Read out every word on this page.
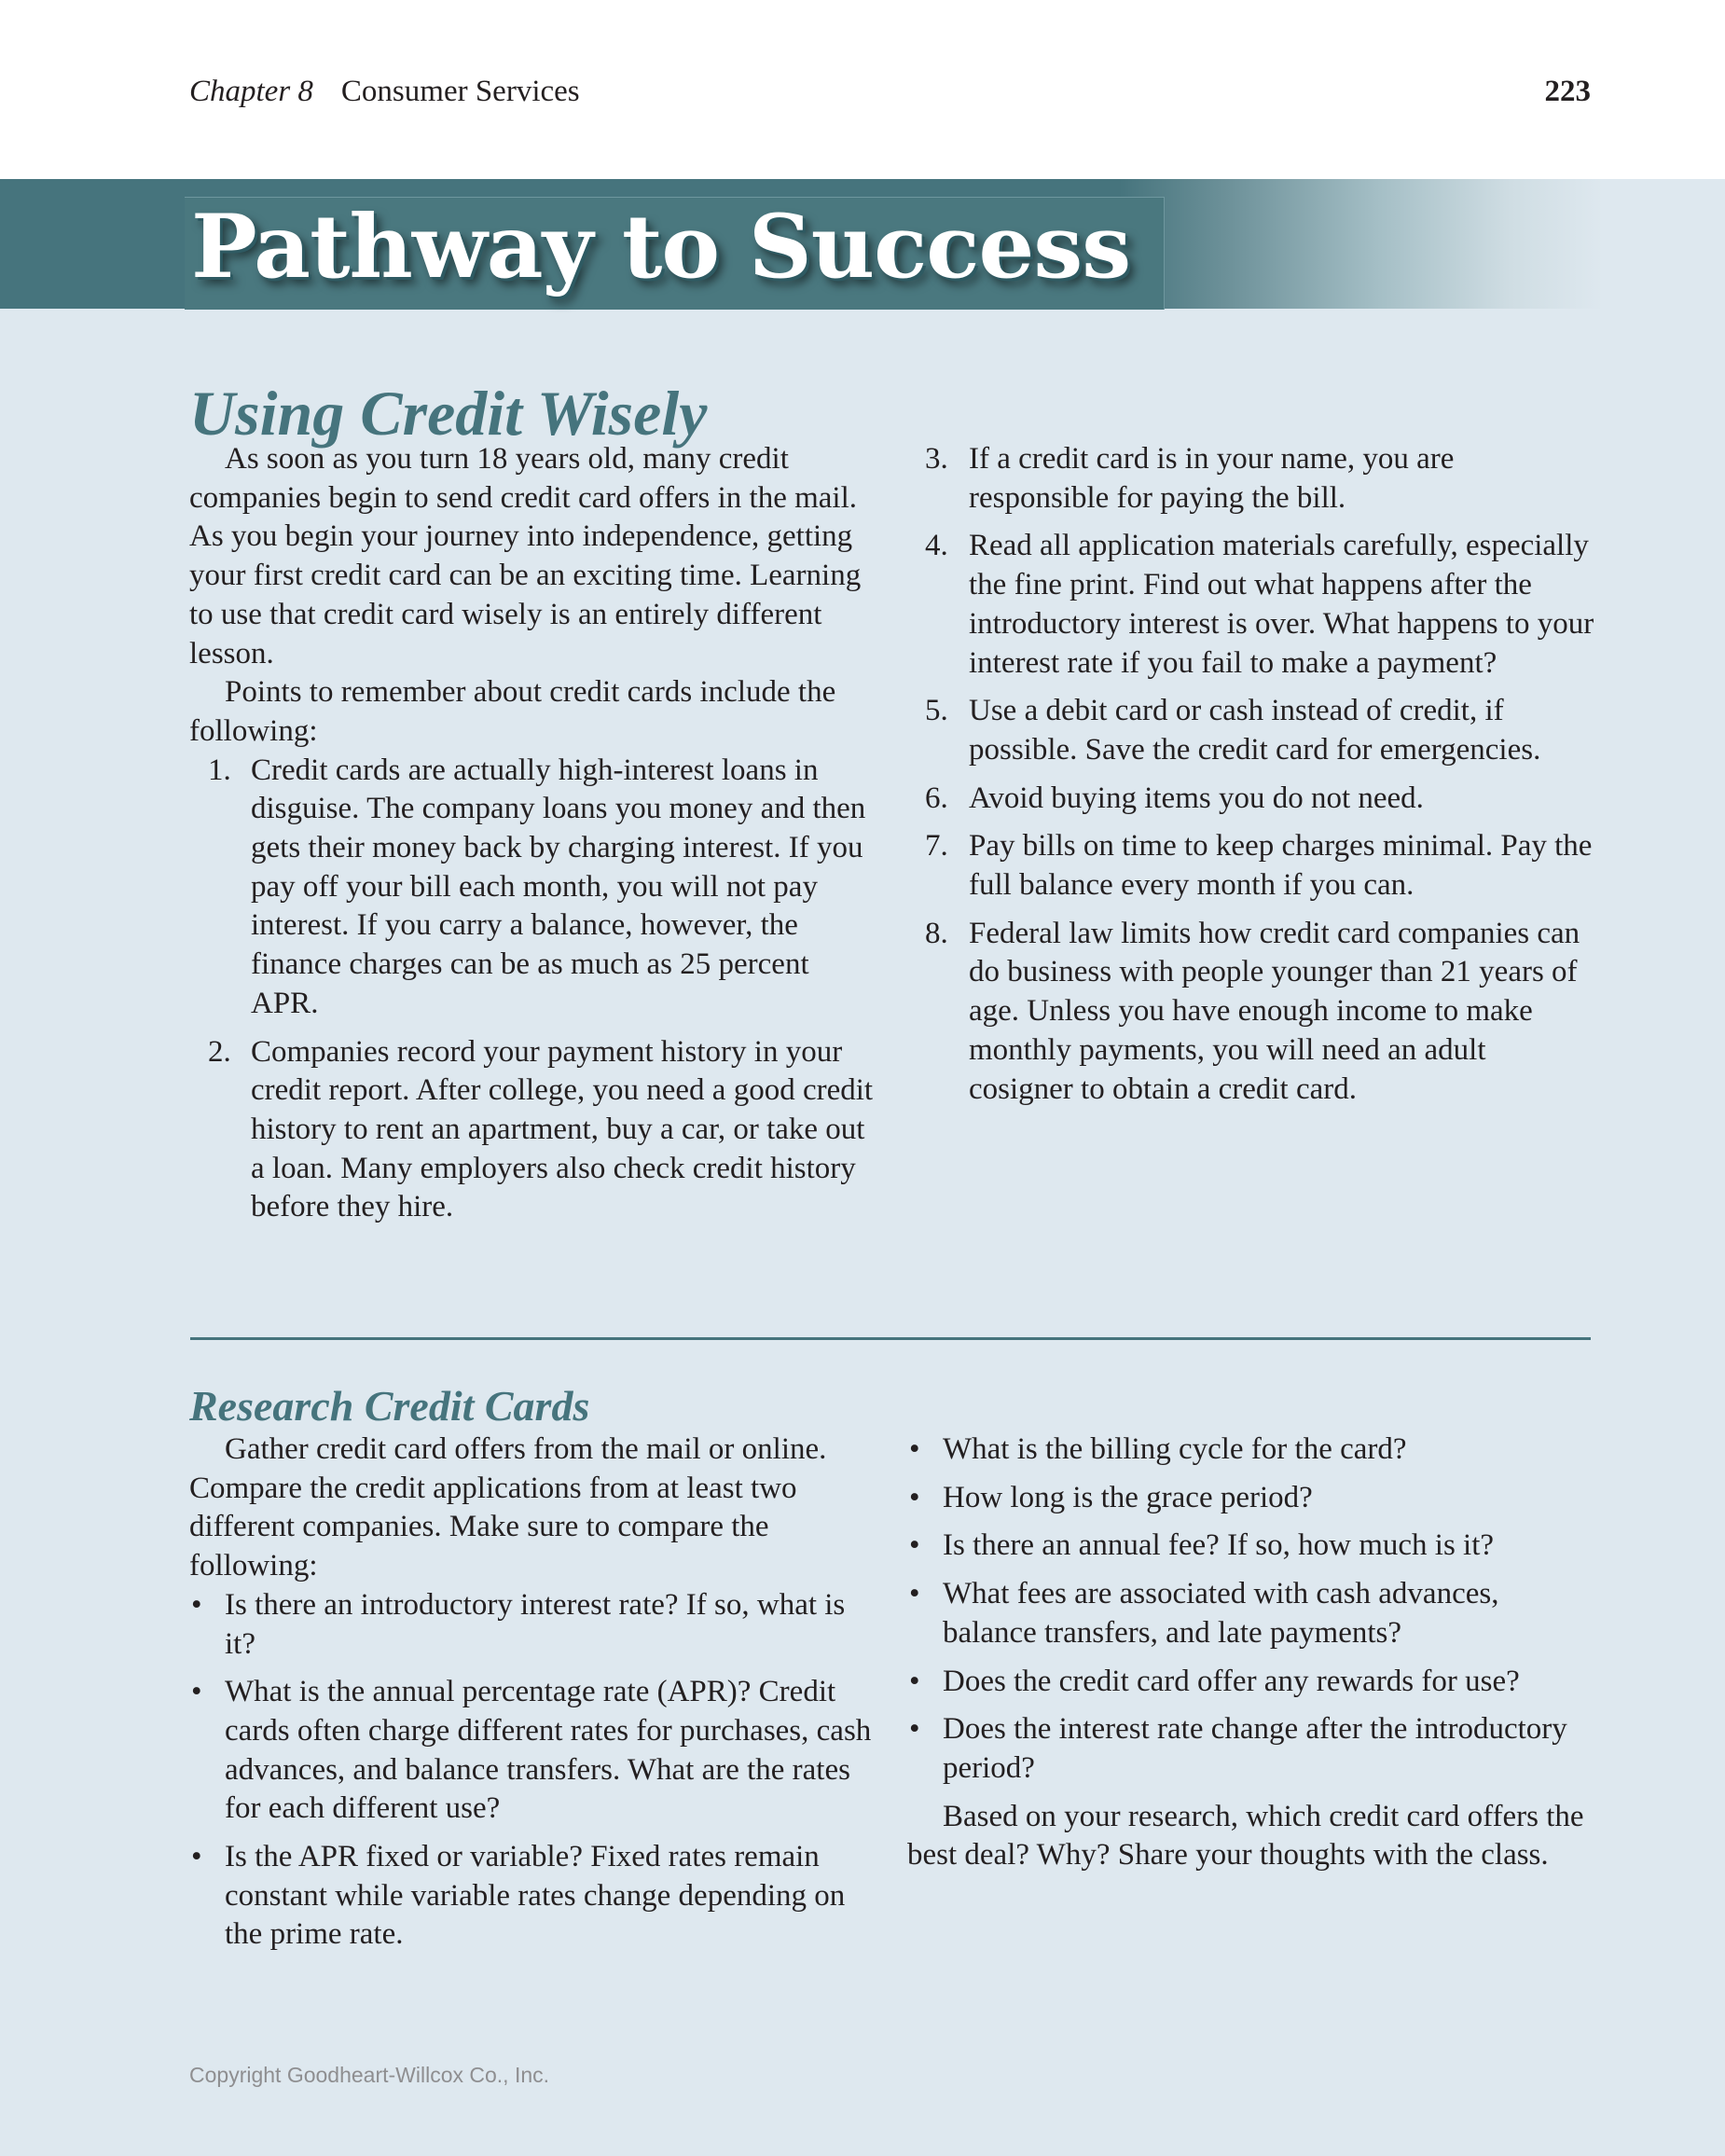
Chapter 8 Consumer Services	223
Pathway to Success
Using Credit Wisely

As soon as you turn 18 years old, many credit companies begin to send credit card offers in the mail. As you begin your journey into independence, getting your first credit card can be an exciting time. Learning to use that credit card wisely is an entirely different lesson.

Points to remember about credit cards include the following:

1. Credit cards are actually high-interest loans in disguise. The company loans you money and then gets their money back by charging interest. If you pay off your bill each month, you will not pay interest. If you carry a balance, however, the finance charges can be as much as 25 percent APR.
2. Companies record your payment history in your credit report. After college, you need a good credit history to rent an apartment, buy a car, or take out a loan. Many employers also check credit history before they hire.
3. If a credit card is in your name, you are responsible for paying the bill.
4. Read all application materials carefully, especially the fine print. Find out what happens after the introductory interest is over. What happens to your interest rate if you fail to make a payment?
5. Use a debit card or cash instead of credit, if possible. Save the credit card for emergencies.
6. Avoid buying items you do not need.
7. Pay bills on time to keep charges minimal. Pay the full balance every month if you can.
8. Federal law limits how credit card companies can do business with people younger than 21 years of age. Unless you have enough income to make monthly payments, you will need an adult cosigner to obtain a credit card.
Research Credit Cards

Gather credit card offers from the mail or online. Compare the credit applications from at least two different companies. Make sure to compare the following:

• Is there an introductory interest rate? If so, what is it?
• What is the annual percentage rate (APR)? Credit cards often charge different rates for purchases, cash advances, and balance transfers. What are the rates for each different use?
• Is the APR fixed or variable? Fixed rates remain constant while variable rates change depending on the prime rate.
• What is the billing cycle for the card?
• How long is the grace period?
• Is there an annual fee? If so, how much is it?
• What fees are associated with cash advances, balance transfers, and late payments?
• Does the credit card offer any rewards for use?
• Does the interest rate change after the introductory period?

Based on your research, which credit card offers the best deal? Why? Share your thoughts with the class.

Copyright Goodheart-Willcox Co., Inc.
